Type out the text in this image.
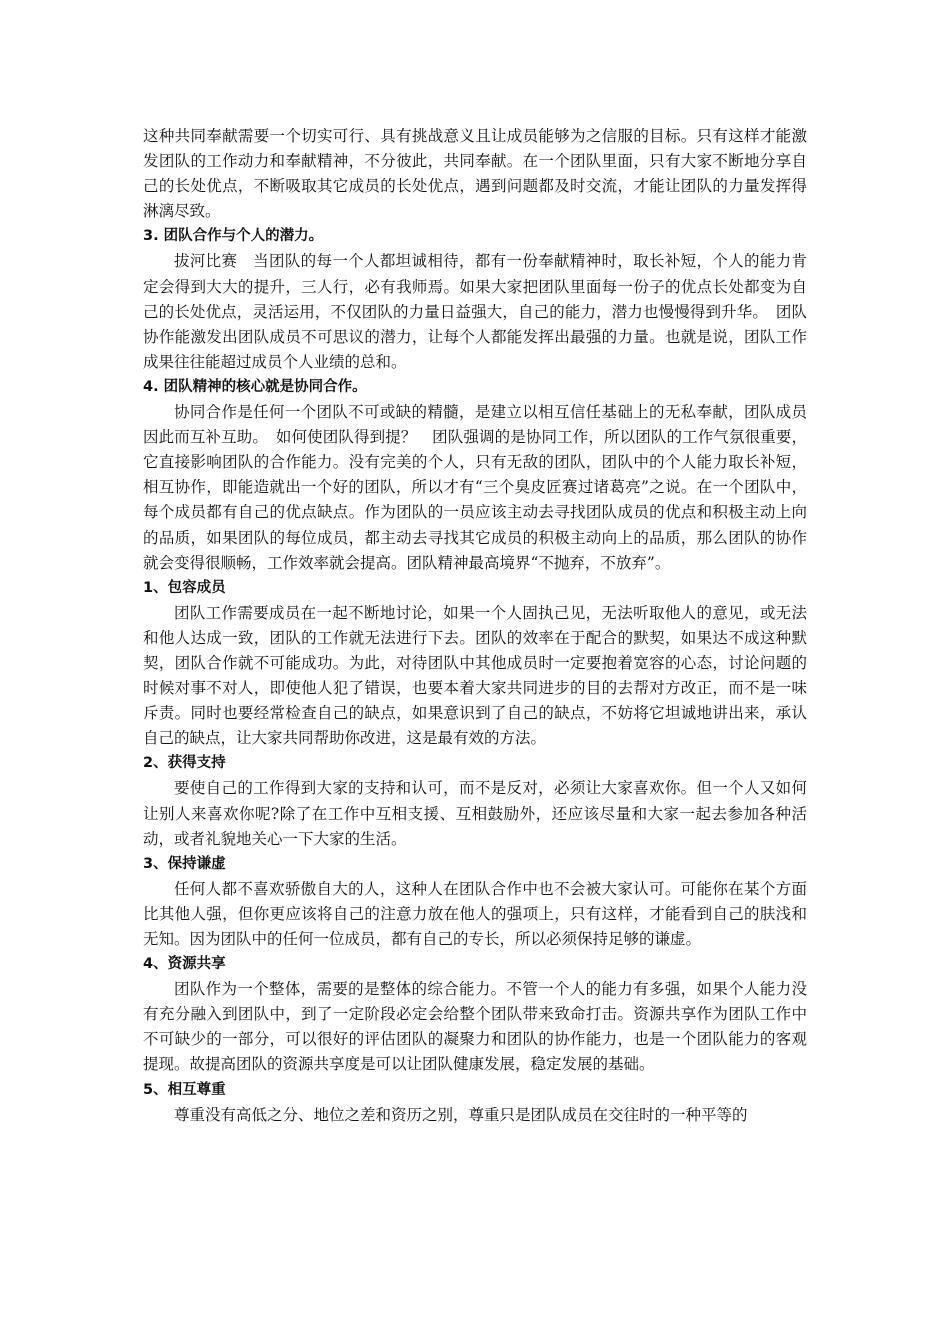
这种共同奉献需要一个切实可行、具有挑战意义且让成员能够为之信服的目标。只有这样才能激发团队的工作动力和奉献精神，不分彼此，共同奉献。在一个团队里面，只有大家不断地分享自己的长处优点，不断吸取其它成员的长处优点，遇到问题都及时交流，才能让团队的力量发挥得淋漓尽致。

3. 团队合作与个人的潜力。

拔河比赛　当团队的每一个人都坦诚相待，都有一份奉献精神时，取长补短，个人的能力肯定会得到大大的提升，三人行，必有我师焉。如果大家把团队里面每一份子的优点长处都变为自己的长处优点，灵活运用，不仅团队的力量日益强大，自己的能力，潜力也慢慢得到升华。　团队协作能激发出团队成员不可思议的潜力，让每个人都能发挥出最强的力量。也就是说，团队工作成果往往能超过成员个人业绩的总和。

4. 团队精神的核心就是协同合作。

协同合作是任何一个团队不可或缺的精髓，是建立以相互信任基础上的无私奉献，团队成员因此而互补互助。　如何使团队得到提？　团队强调的是协同工作，所以团队的工作气氛很重要，它直接影响团队的合作能力。没有完美的个人，只有无敌的团队，团队中的个人能力取长补短，相互协作，即能造就出一个好的团队，所以才有“三个臭皮匠赛过诸葛亮”之说。在一个团队中，每个成员都有自己的优点缺点。作为团队的一员应该主动去寻找团队成员的优点和积极主动上向的品质，如果团队的每位成员，都主动去寻找其它成员的积极主动向上的品质，那么团队的协作就会变得很顺畅，工作效率就会提高。团队精神最高境界“不抛弃，不放弃”。

1、包容成员

团队工作需要成员在一起不断地讨论，如果一个人固执己见，无法听取他人的意见，或无法和他人达成一致，团队的工作就无法进行下去。团队的效率在于配合的默契，如果达不成这种默契，团队合作就不可能成功。为此，对待团队中其他成员时一定要抱着宽容的心态，讨论问题的时候对事不对人，即使他人犯了错误，也要本着大家共同进步的目的去帮对方改正，而不是一味斥责。同时也要经常检查自己的缺点，如果意识到了自己的缺点，不妨将它坦诚地讲出来，承认自己的缺点，让大家共同帮助你改进，这是最有效的方法。

2、获得支持

要使自己的工作得到大家的支持和认可，而不是反对，必须让大家喜欢你。但一个人又如何让别人来喜欢你呢?除了在工作中互相支援、互相鼓励外，还应该尽量和大家一起去参加各种活动，或者礼貌地关心一下大家的生活。

3、保持谦虚

任何人都不喜欢骄傲自大的人，这种人在团队合作中也不会被大家认可。可能你在某个方面比其他人强，但你更应该将自己的注意力放在他人的强项上，只有这样，才能看到自己的肤浅和无知。因为团队中的任何一位成员，都有自己的专长，所以必须保持足够的谦虚。

4、资源共享

团队作为一个整体，需要的是整体的综合能力。不管一个人的能力有多强，如果个人能力没有充分融入到团队中，到了一定阶段必定会给整个团队带来致命打击。资源共享作为团队工作中不可缺少的一部分，可以很好的评估团队的凝聚力和团队的协作能力，也是一个团队能力的客观提现。故提高团队的资源共享度是可以让团队健康发展，稳定发展的基础。

5、相互尊重

尊重没有高低之分、地位之差和资历之别，尊重只是团队成员在交往时的一种平等的
